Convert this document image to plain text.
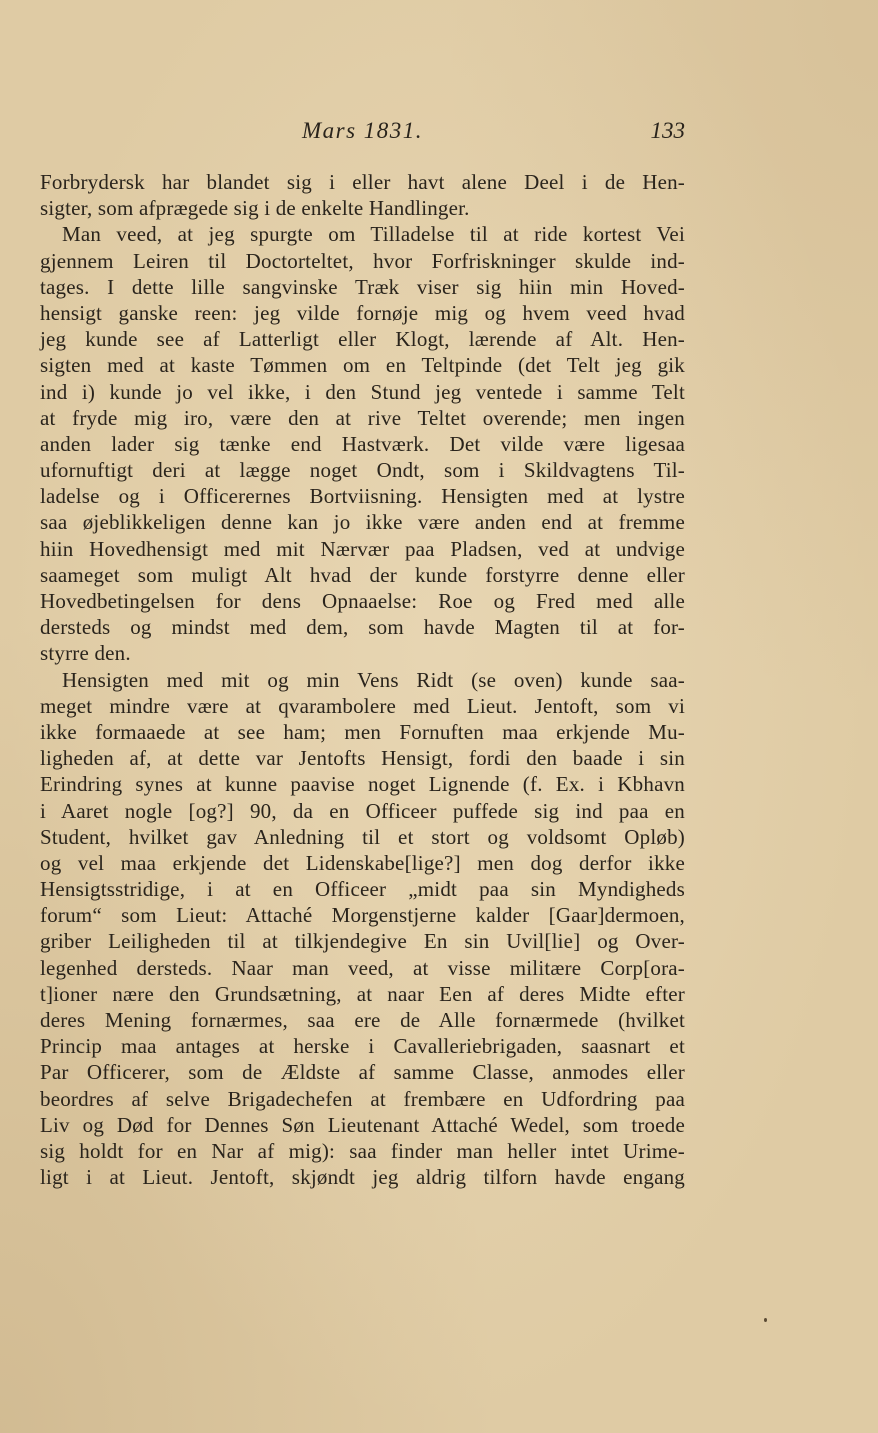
Mars 1831.	133
Forbrydersk har blandet sig i eller havt alene Deel i de Hen-
sigter, som afprægede sig i de enkelte Handlinger.
Man veed, at jeg spurgte om Tilladelse til at ride kortest Vei
gjennem Leiren til Doctorteltet, hvor Forfriskninger skulde ind-
tages. I dette lille sangvinske Træk viser sig hiin min Hoved-
hensigt ganske reen: jeg vilde fornøje mig og hvem veed hvad
jeg kunde see af Latterligt eller Klogt, lærende af Alt. Hen-
sigten med at kaste Tømmen om en Teltpinde (det Telt jeg gik
ind i) kunde jo vel ikke, i den Stund jeg ventede i samme Telt
at fryde mig iro, være den at rive Teltet overende; men ingen
anden lader sig tænke end Hastværk. Det vilde være ligesaa
ufornuftigt deri at lægge noget Ondt, som i Skildvagtens Til-
ladelse og i Officerernes Bortviisning. Hensigten med at lystre
saa øjeblikkeligen denne kan jo ikke være anden end at fremme
hiin Hovedhensigt med mit Nærvær paa Pladsen, ved at undvige
saameget som muligt Alt hvad der kunde forstyrre denne eller
Hovedbetingelsen for dens Opnaaelse: Roe og Fred med alle
dersteds og mindst med dem, som havde Magten til at for-
styrre den.
Hensigten med mit og min Vens Ridt (se oven) kunde saa-
meget mindre være at qvarambolere med Lieut. Jentoft, som vi
ikke formaaede at see ham; men Fornuften maa erkjende Mu-
ligheden af, at dette var Jentofts Hensigt, fordi den baade i sin
Erindring synes at kunne paavise noget Lignende (f. Ex. i Kbhavn
i Aaret nogle [og?] 90, da en Officeer puffede sig ind paa en
Student, hvilket gav Anledning til et stort og voldsomt Opløb)
og vel maa erkjende det Lidenskabe[lige?] men dog derfor ikke
Hensigtsstridige, i at en Officeer „midt paa sin Myndigheds
forum“ som Lieut: Attaché Morgenstjerne kalder [Gaar]dermoen,
griber Leiligheden til at tilkjendegive En sin Uvil[lie] og Over-
legenhed dersteds. Naar man veed, at visse militære Corp[ora-
t]ioner nære den Grundsætning, at naar Een af deres Midte efter
deres Mening fornærmes, saa ere de Alle fornærmede (hvilket
Princip maa antages at herske i Cavalleriebrigaden, saasnart et
Par Officerer, som de Ældste af samme Classe, anmodes eller
beordres af selve Brigadechefen at frembære en Udfordring paa
Liv og Død for Dennes Søn Lieutenant Attaché Wedel, som troede
sig holdt for en Nar af mig): saa finder man heller intet Urime-
ligt i at Lieut. Jentoft, skjøndt jeg aldrig tilforn havde engang
